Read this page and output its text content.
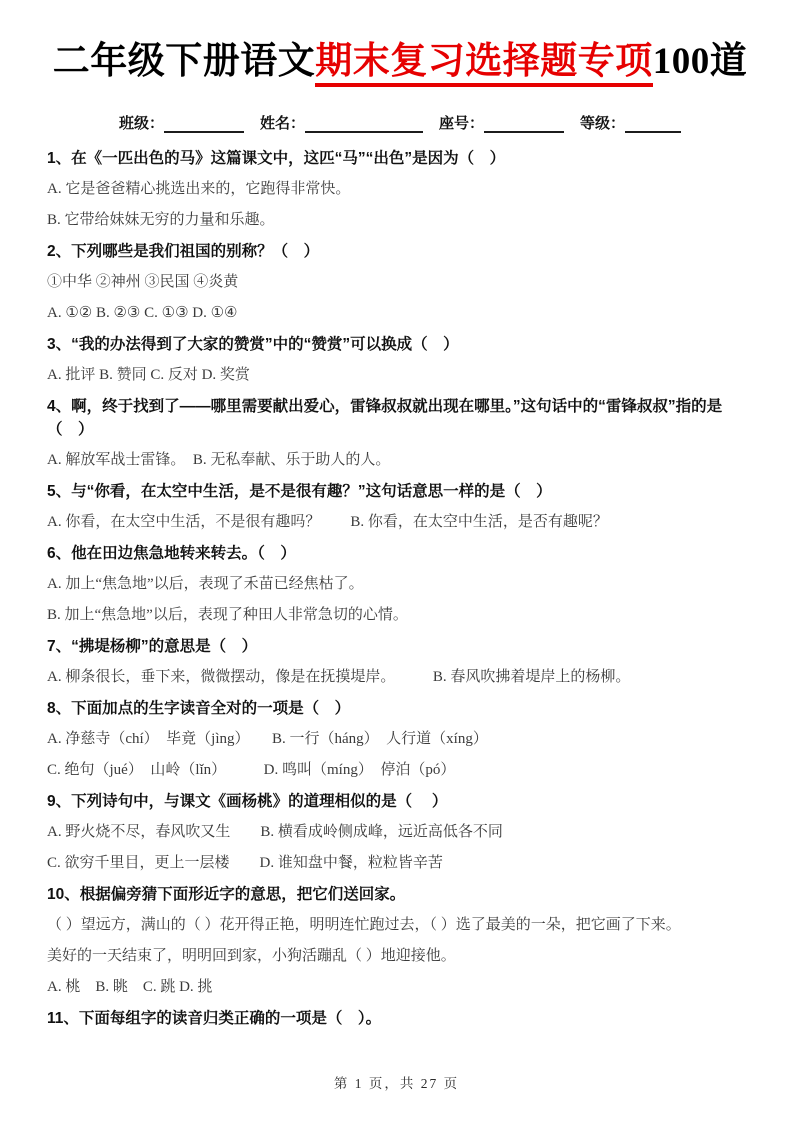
二年级下册语文期末复习选择题专项100道
班级：	姓名：	座号：	等级：

1、在《一匹出色的马》这篇课文中，这匹“马”“出色”是因为（　）

A. 它是爸爸精心挑选出来的，它跑得非常快。

B. 它带给妹妹无穷的力量和乐趣。

2、下列哪些是我们祖国的别称？（　）

①中华 ②神州 ③民国 ④炎黄

A. ①② B. ②③ C. ①③ D. ①④

3、“我的办法得到了大家的赞赏”中的“赞赏”可以换成（　）

A. 批评 B. 赞同 C. 反对 D. 奖赏

4、啊，终于找到了——哪里需要献出爱心，雷锋叔叔就出现在哪里。”这句话中的“雷锋叔叔”指的是（　）

A. 解放军战士雷锋。　B. 无私奉献、乐于助人的人。

5、与“你看，在太空中生活，是不是很有趣？”这句话意思一样的是（　）

A. 你看，在太空中生活，不是很有趣吗？　　B. 你看，在太空中生活，是否有趣呢？

6、他在田边焦急地转来转去。（　）

A. 加上“焦急地”以后，表现了禾苗已经焦枯了。

B. 加上“焦急地”以后，表现了种田人非常急切的心情。

7、“拂堤杨柳”的意思是（　）

A. 柳条很长，垂下来，微微摆动，像是在抚摸堤岸。　　　B. 春风吹拂着堤岸上的杨柳。

8、下面加点的生字读音全对的一项是（　）

A. 净慈寺（chí）　毕竟（jìng）　　B. 一行（háng）　人行道（xíng）

C. 绝句（jué）　山岭（lǐn）　　　D. 鸣叫（míng）　停泊（pó）

9、下列诗句中，与课文《画杨桃》的道理相似的是（　 ）

A. 野火烧不尽，春风吹又生　　B. 横看成岭侧成峰，远近高低各不同

C. 欲穷千里目，更上一层楼　　D. 谁知盘中餐，粒粒皆辛苦

10、根据偏旁猜下面形近字的意思，把它们送回家。

（ ）望远方，满山的（ ）花开得正艳，明明连忙跑过去，（ ）选了最美的一朵，把它画了下来。

美好的一天结束了，明明回到家，小狗活蹦乱（ ）地迎接他。

A. 桃　B. 眺　C. 跳 D. 挑

11、下面每组字的读音归类正确的一项是（　）。

第 1 页，共 27 页
